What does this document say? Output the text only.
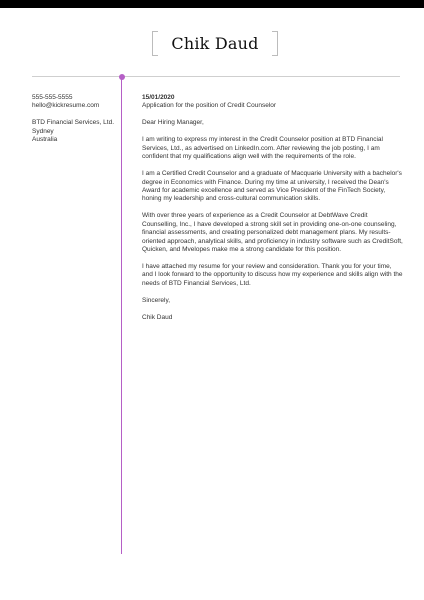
Chik Daud
555-555-5555
hello@kickresume.com
BTD Financial Services, Ltd.
Sydney
Australia

15/01/2020

Application for the position of Credit Counselor

Dear Hiring Manager,

I am writing to express my interest in the Credit Counselor position at BTD Financial Services, Ltd., as advertised on LinkedIn.com. After reviewing the job posting, I am confident that my qualifications align well with the requirements of the role.

I am a Certified Credit Counselor and a graduate of Macquarie University with a bachelor's degree in Economics with Finance. During my time at university, I received the Dean's Award for academic excellence and served as Vice President of the FinTech Society, honing my leadership and cross-cultural communication skills.

With over three years of experience as a Credit Counselor at DebtWave Credit Counselling, Inc., I have developed a strong skill set in providing one-on-one counseling, financial assessments, and creating personalized debt management plans. My results-oriented approach, analytical skills, and proficiency in industry software such as CreditSoft, Quicken, and Mvelopes make me a strong candidate for this position.

I have attached my resume for your review and consideration. Thank you for your time, and I look forward to the opportunity to discuss how my experience and skills align with the needs of BTD Financial Services, Ltd.

Sincerely,

Chik Daud
